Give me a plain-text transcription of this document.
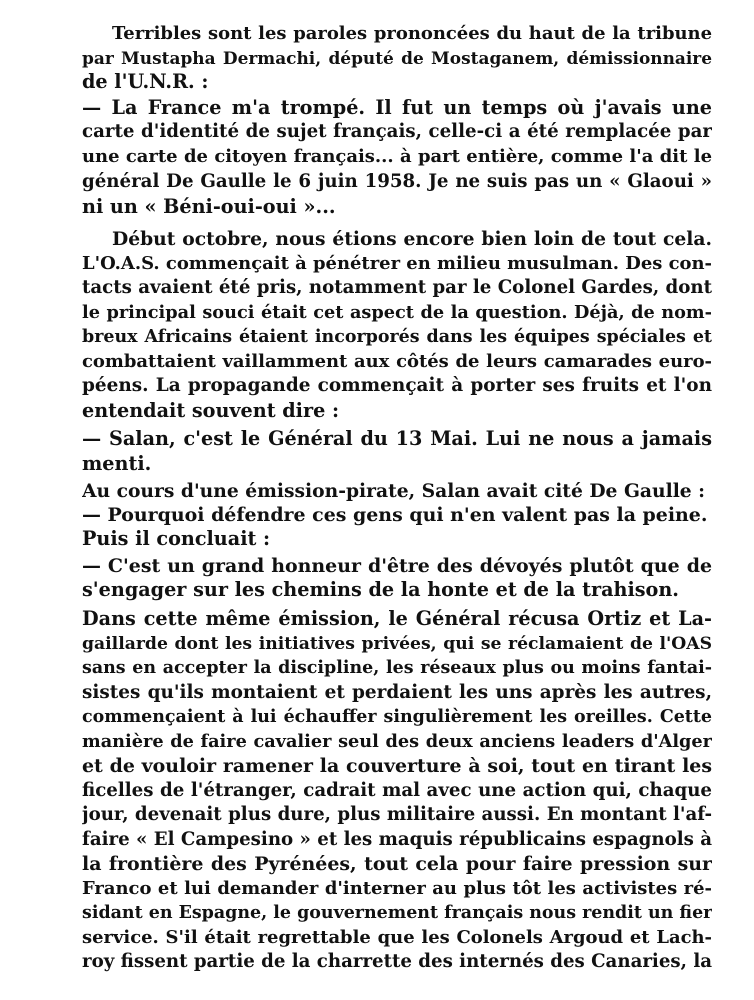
Terribles sont les paroles prononcées du haut de la tribune
par Mustapha Dermachi, député de Mostaganem, démissionnaire
de l'U.N.R. :
— La France m'a trompé. Il fut un temps où j'avais une
carte d'identité de sujet français, celle-ci a été remplacée par
une carte de citoyen français... à part entière, comme l'a dit le
général De Gaulle le 6 juin 1958. Je ne suis pas un « Glaoui »
ni un « Béni-oui-oui »...
Début octobre, nous étions encore bien loin de tout cela.
L'O.A.S. commençait à pénétrer en milieu musulman. Des con-
tacts avaient été pris, notamment par le Colonel Gardes, dont
le principal souci était cet aspect de la question. Déjà, de nom-
breux Africains étaient incorporés dans les équipes spéciales et
combattaient vaillamment aux côtés de leurs camarades euro-
péens. La propagande commençait à porter ses fruits et l'on
entendait souvent dire :
— Salan, c'est le Général du 13 Mai. Lui ne nous a jamais
menti.
Au cours d'une émission-pirate, Salan avait cité De Gaulle :
— Pourquoi défendre ces gens qui n'en valent pas la peine.
Puis il concluait :
— C'est un grand honneur d'être des dévoyés plutôt que de
s'engager sur les chemins de la honte et de la trahison.
Dans cette même émission, le Général récusa Ortiz et La-
gaillarde dont les initiatives privées, qui se réclamaient de l'OAS
sans en accepter la discipline, les réseaux plus ou moins fantai-
sistes qu'ils montaient et perdaient les uns après les autres,
commençaient à lui échauffer singulièrement les oreilles. Cette
manière de faire cavalier seul des deux anciens leaders d'Alger
et de vouloir ramener la couverture à soi, tout en tirant les
ficelles de l'étranger, cadrait mal avec une action qui, chaque
jour, devenait plus dure, plus militaire aussi. En montant l'af-
faire « El Campesino » et les maquis républicains espagnols à
la frontière des Pyrénées, tout cela pour faire pression sur
Franco et lui demander d'interner au plus tôt les activistes ré-
sidant en Espagne, le gouvernement français nous rendit un fier
service. S'il était regrettable que les Colonels Argoud et Lach-
roy fissent partie de la charrette des internés des Canaries, la
